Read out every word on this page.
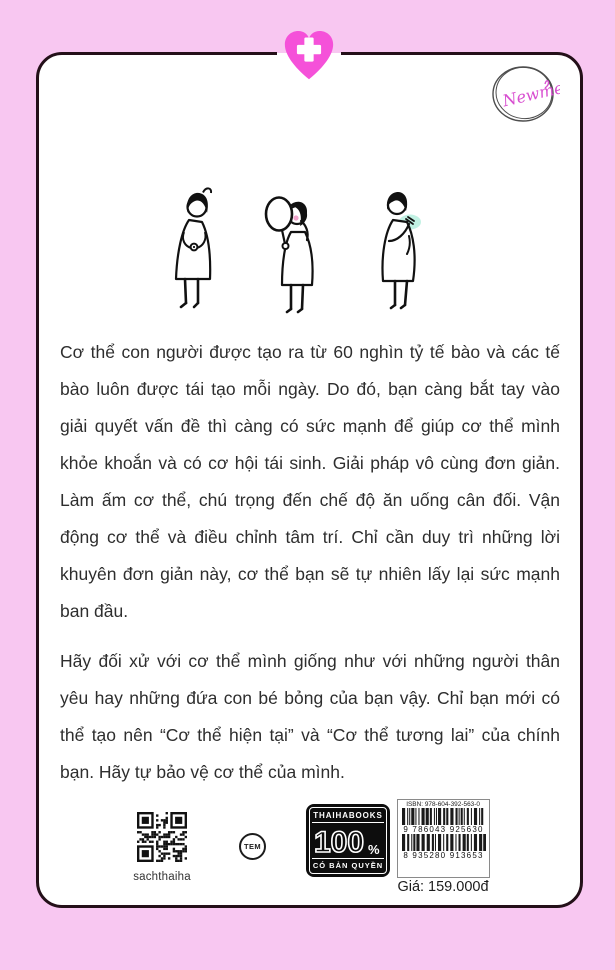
Newme

Cơ thể con người được tạo ra từ 60 nghìn tỷ tế bào và các tế bào luôn được tái tạo mỗi ngày. Do đó, bạn càng bắt tay vào giải quyết vấn đề thì càng có sức mạnh để giúp cơ thể mình khỏe khoắn và có cơ hội tái sinh. Giải pháp vô cùng đơn giản. Làm ấm cơ thể, chú trọng đến chế độ ăn uống cân đối. Vận động cơ thể và điều chỉnh tâm trí. Chỉ cần duy trì những lời khuyên đơn giản này, cơ thể bạn sẽ tự nhiên lấy lại sức mạnh ban đầu.

Hãy đối xử với cơ thể mình giống như với những người thân yêu hay những đứa con bé bỏng của bạn vậy. Chỉ bạn mới có thể tạo nên “Cơ thể hiện tại” và “Cơ thể tương lai” của chính bạn. Hãy tự bảo vệ cơ thể của mình.

sachthaiha
TEM
THAIHABOOKS
100 %
CÓ BẢN QUYỀN
ISBN: 978-604-392-563-0
9 786043 925630
8 935280 913653
Giá: 159.000đ
